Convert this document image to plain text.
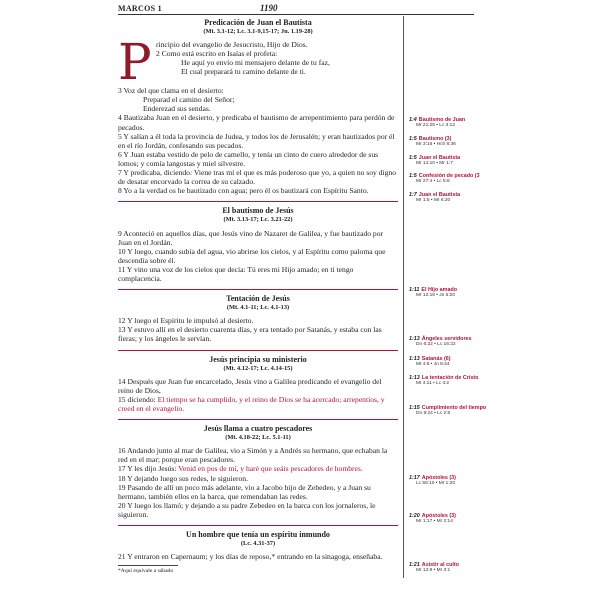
MARCOS 1	1190
Predicación de Juan el Bautista
(Mt. 3.1-12; Lc. 3.1-9,15-17; Jn. 1.19-28)
P rincipio del evangelio de Jesucristo, Hijo de Dios.

2 Como está escrito en Isaías el profeta:

He aquí yo envío mi mensajero delante de tu faz,

El cual preparará tu camino delante de ti.

3 Voz del que clama en el desierto:

Preparad el camino del Señor;

Enderezad sus sendas.

4 Bautizaba Juan en el desierto, y predicaba el bautismo de arrepentimiento para perdón de pecados.

5 Y salían a él toda la provincia de Judea, y todos los de Jerusalén; y eran bautizados por él en el río Jordán, confesando sus pecados.

6 Y Juan estaba vestido de pelo de camello, y tenía un cinto de cuero alrededor de sus lomos; y comía langostas y miel silvestre.

7 Y predicaba, diciendo: Viene tras mí el que es más poderoso que yo, a quien no soy digno de desatar encorvado la correa de su calzado.

8 Yo a la verdad os he bautizado con agua; pero él os bautizará con Espíritu Santo.

El bautismo de Jesús
(Mt. 3.13-17; Lc. 3.21-22)

9 Aconteció en aquellos días, que Jesús vino de Nazaret de Galilea, y fue bautizado por Juan en el Jordán.

10 Y luego, cuando subía del agua, vio abrirse los cielos, y al Espíritu como paloma que descendía sobre él.

11 Y vino una voz de los cielos que decía: Tú eres mi Hijo amado; en ti tengo complacencia.

Tentación de Jesús
(Mt. 4.1-11; Lc. 4.1-13)

12 Y luego el Espíritu le impulsó al desierto.

13 Y estuvo allí en el desierto cuarenta días, y era tentado por Satanás, y estaba con las fieras; y los ángeles le servían.

Jesús principia su ministerio
(Mt. 4.12-17; Lc. 4.14-15)

14 Después que Juan fue encarcelado, Jesús vino a Galilea predicando el evangelio del reino de Dios,

15 diciendo: El tiempo se ha cumplido, y el reino de Dios se ha acercado; arrepentíos, y creed en el evangelio.

Jesús llama a cuatro pescadores
(Mt. 4.18-22; Lc. 5.1-11)

16 Andando junto al mar de Galilea, vio a Simón y a Andrés su hermano, que echaban la red en el mar; porque eran pescadores.

17 Y les dijo Jesús: Venid en pos de mí, y haré que seáis pescadores de hombres.

18 Y dejando luego sus redes, le siguieron.

19 Pasando de allí un poco más adelante, vio a Jacobo hijo de Zebedeo, y a Juan su hermano, también ellos en la barca, que remendaban las redes.

20 Y luego los llamó; y dejando a su padre Zebedeo en la barca con los jornaleros, le siguieron.

Un hombre que tenía un espíritu inmundo
(Lc. 4.31-37)

21 Y entraron en Capernaum; y los días de reposo,* entrando en la sinagoga, enseñaba.

*Aquí equivale a sábado
1:4 Bautismo de Juan
Mr 21:25 • Lc 3:12
1:5 Bautismo (3)
Mr 3:16 • Hch 8:36
1:5 Juan el Bautista
Mr 14:10 • Mr 1:7
1:5 Confesión de pecado (3
Mr 27:4 • Lc 5:8
1:7 Juan el Bautista
Mr 1:5 • Mr 6:20
1:11 El Hijo amado
Mr 12:18 • Jn 5:20
1:13 Ángeles servidores
Dn 6:22 • Lc 16:22
1:13 Satanás (6)
Mt 4:6 • Jn 8:44
1:13 La tentación de Cristo
Mt 4:11 • Lc 4:2
1:15 Cumplimiento del tiempo
Dn 9:24 • Lc 2:6
1:17 Apóstoles (3)
Lc 56:10 • Mr 1:20
1:20 Apóstoles (3)
Mr 1:17 • Mr 2:14
1:21 Asistir al culto
Mr 12:9 • Mr 3:1
